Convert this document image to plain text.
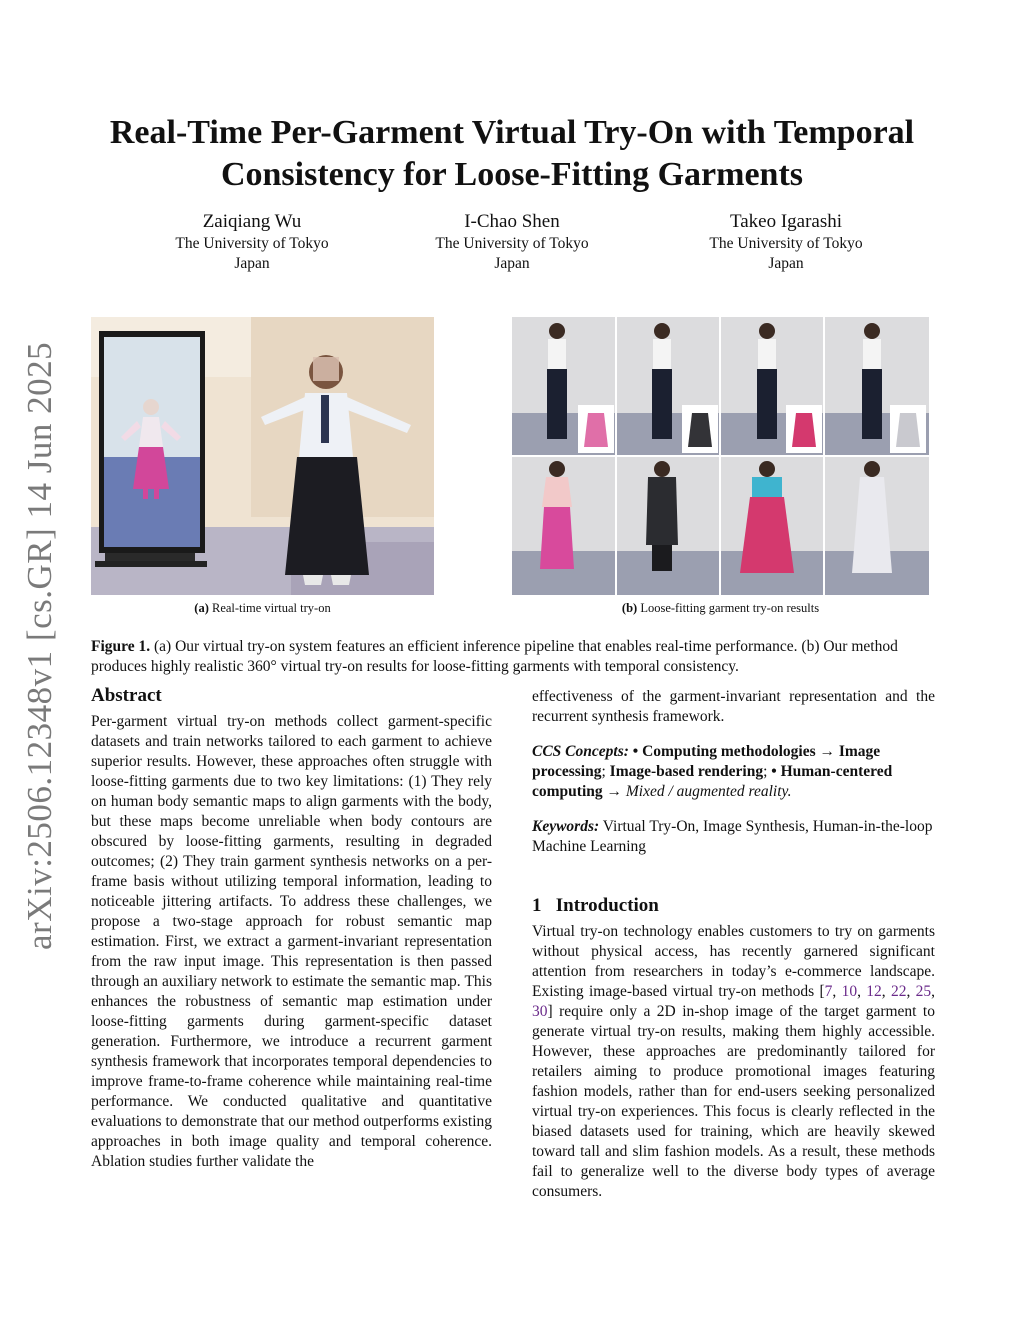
arXiv:2506.12348v1 [cs.GR] 14 Jun 2025
Real-Time Per-Garment Virtual Try-On with Temporal
Consistency for Loose-Fitting Garments
Zaiqiang Wu
The University of Tokyo
Japan
I-Chao Shen
The University of Tokyo
Japan
Takeo Igarashi
The University of Tokyo
Japan
(a) Real-time virtual try-on	(b) Loose-fitting garment try-on results
Figure 1. (a) Our virtual try-on system features an efficient inference pipeline that enables real-time performance. (b) Our method produces highly realistic 360° virtual try-on results for loose-fitting garments with temporal consistency.
Abstract

Per-garment virtual try-on methods collect garment-specific datasets and train networks tailored to each garment to achieve superior results. However, these approaches often struggle with loose-fitting garments due to two key limitations: (1) They rely on human body semantic maps to align garments with the body, but these maps become unreliable when body contours are obscured by loose-fitting garments, resulting in degraded outcomes; (2) They train garment synthesis networks on a per-frame basis without utilizing temporal information, leading to noticeable jittering artifacts. To address these challenges, we propose a two-stage approach for robust semantic map estimation. First, we extract a garment-invariant representation from the raw input image. This representation is then passed through an auxiliary network to estimate the semantic map. This enhances the robustness of semantic map estimation under loose-fitting garments during garment-specific dataset generation. Furthermore, we introduce a recurrent garment synthesis framework that incorporates temporal dependencies to improve frame-to-frame coherence while maintaining real-time performance. We conducted qualitative and quantitative evaluations to demonstrate that our method outperforms existing approaches in both image quality and temporal coherence. Ablation studies further validate the

effectiveness of the garment-invariant representation and the recurrent synthesis framework.

CCS Concepts: • Computing methodologies → Image processing; Image-based rendering; • Human-centered computing → Mixed / augmented reality.

Keywords: Virtual Try-On, Image Synthesis, Human-in-the-loop Machine Learning

1 Introduction

Virtual try-on technology enables customers to try on garments without physical access, has recently garnered significant attention from researchers in today’s e-commerce landscape. Existing image-based virtual try-on methods [7, 10, 12, 22, 25, 30] require only a 2D in-shop image of the target garment to generate virtual try-on results, making them highly accessible. However, these approaches are predominantly tailored for retailers aiming to produce promotional images featuring fashion models, rather than for end-users seeking personalized virtual try-on experiences. This focus is clearly reflected in the biased datasets used for training, which are heavily skewed toward tall and slim fashion models. As a result, these methods fail to generalize well to the diverse body types of average consumers.
